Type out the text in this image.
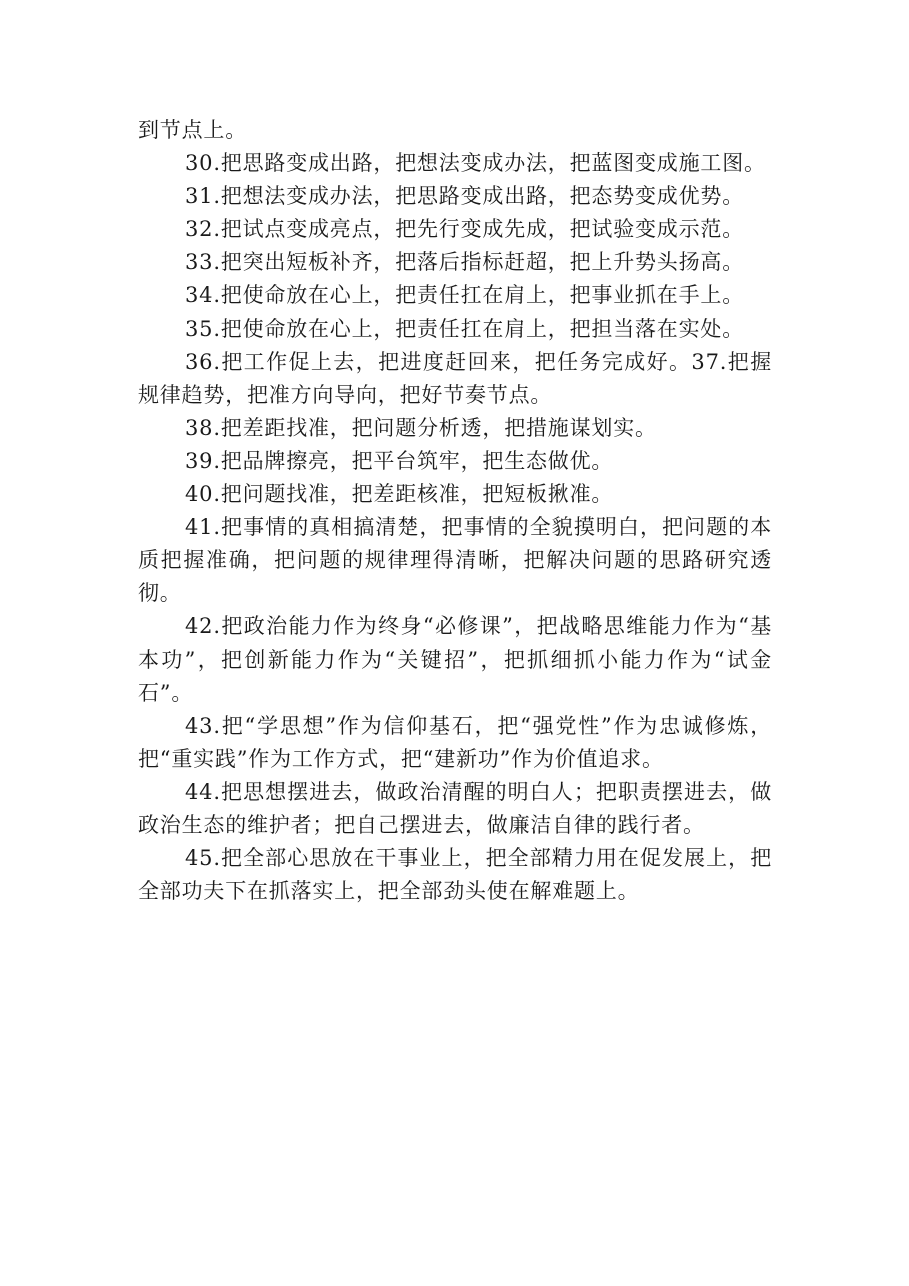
到节点上。

30.把思路变成出路，把想法变成办法，把蓝图变成施工图。

31.把想法变成办法，把思路变成出路，把态势变成优势。

32.把试点变成亮点，把先行变成先成，把试验变成示范。

33.把突出短板补齐，把落后指标赶超，把上升势头扬高。

34.把使命放在心上，把责任扛在肩上，把事业抓在手上。

35.把使命放在心上，把责任扛在肩上，把担当落在实处。

36.把工作促上去，把进度赶回来，把任务完成好。37.把握规律趋势，把准方向导向，把好节奏节点。

38.把差距找准，把问题分析透，把措施谋划实。

39.把品牌擦亮，把平台筑牢，把生态做优。

40.把问题找准，把差距核准，把短板揪准。

41.把事情的真相搞清楚，把事情的全貌摸明白，把问题的本质把握准确，把问题的规律理得清晰，把解决问题的思路研究透彻。

42.把政治能力作为终身“必修课”，把战略思维能力作为“基本功”，把创新能力作为“关键招”，把抓细抓小能力作为“试金石”。

43.把“学思想”作为信仰基石，把“强党性”作为忠诚修炼，把“重实践”作为工作方式，把“建新功”作为价值追求。

44.把思想摆进去，做政治清醒的明白人；把职责摆进去，做政治生态的维护者；把自己摆进去，做廉洁自律的践行者。

45.把全部心思放在干事业上，把全部精力用在促发展上，把全部功夫下在抓落实上，把全部劲头使在解难题上。
